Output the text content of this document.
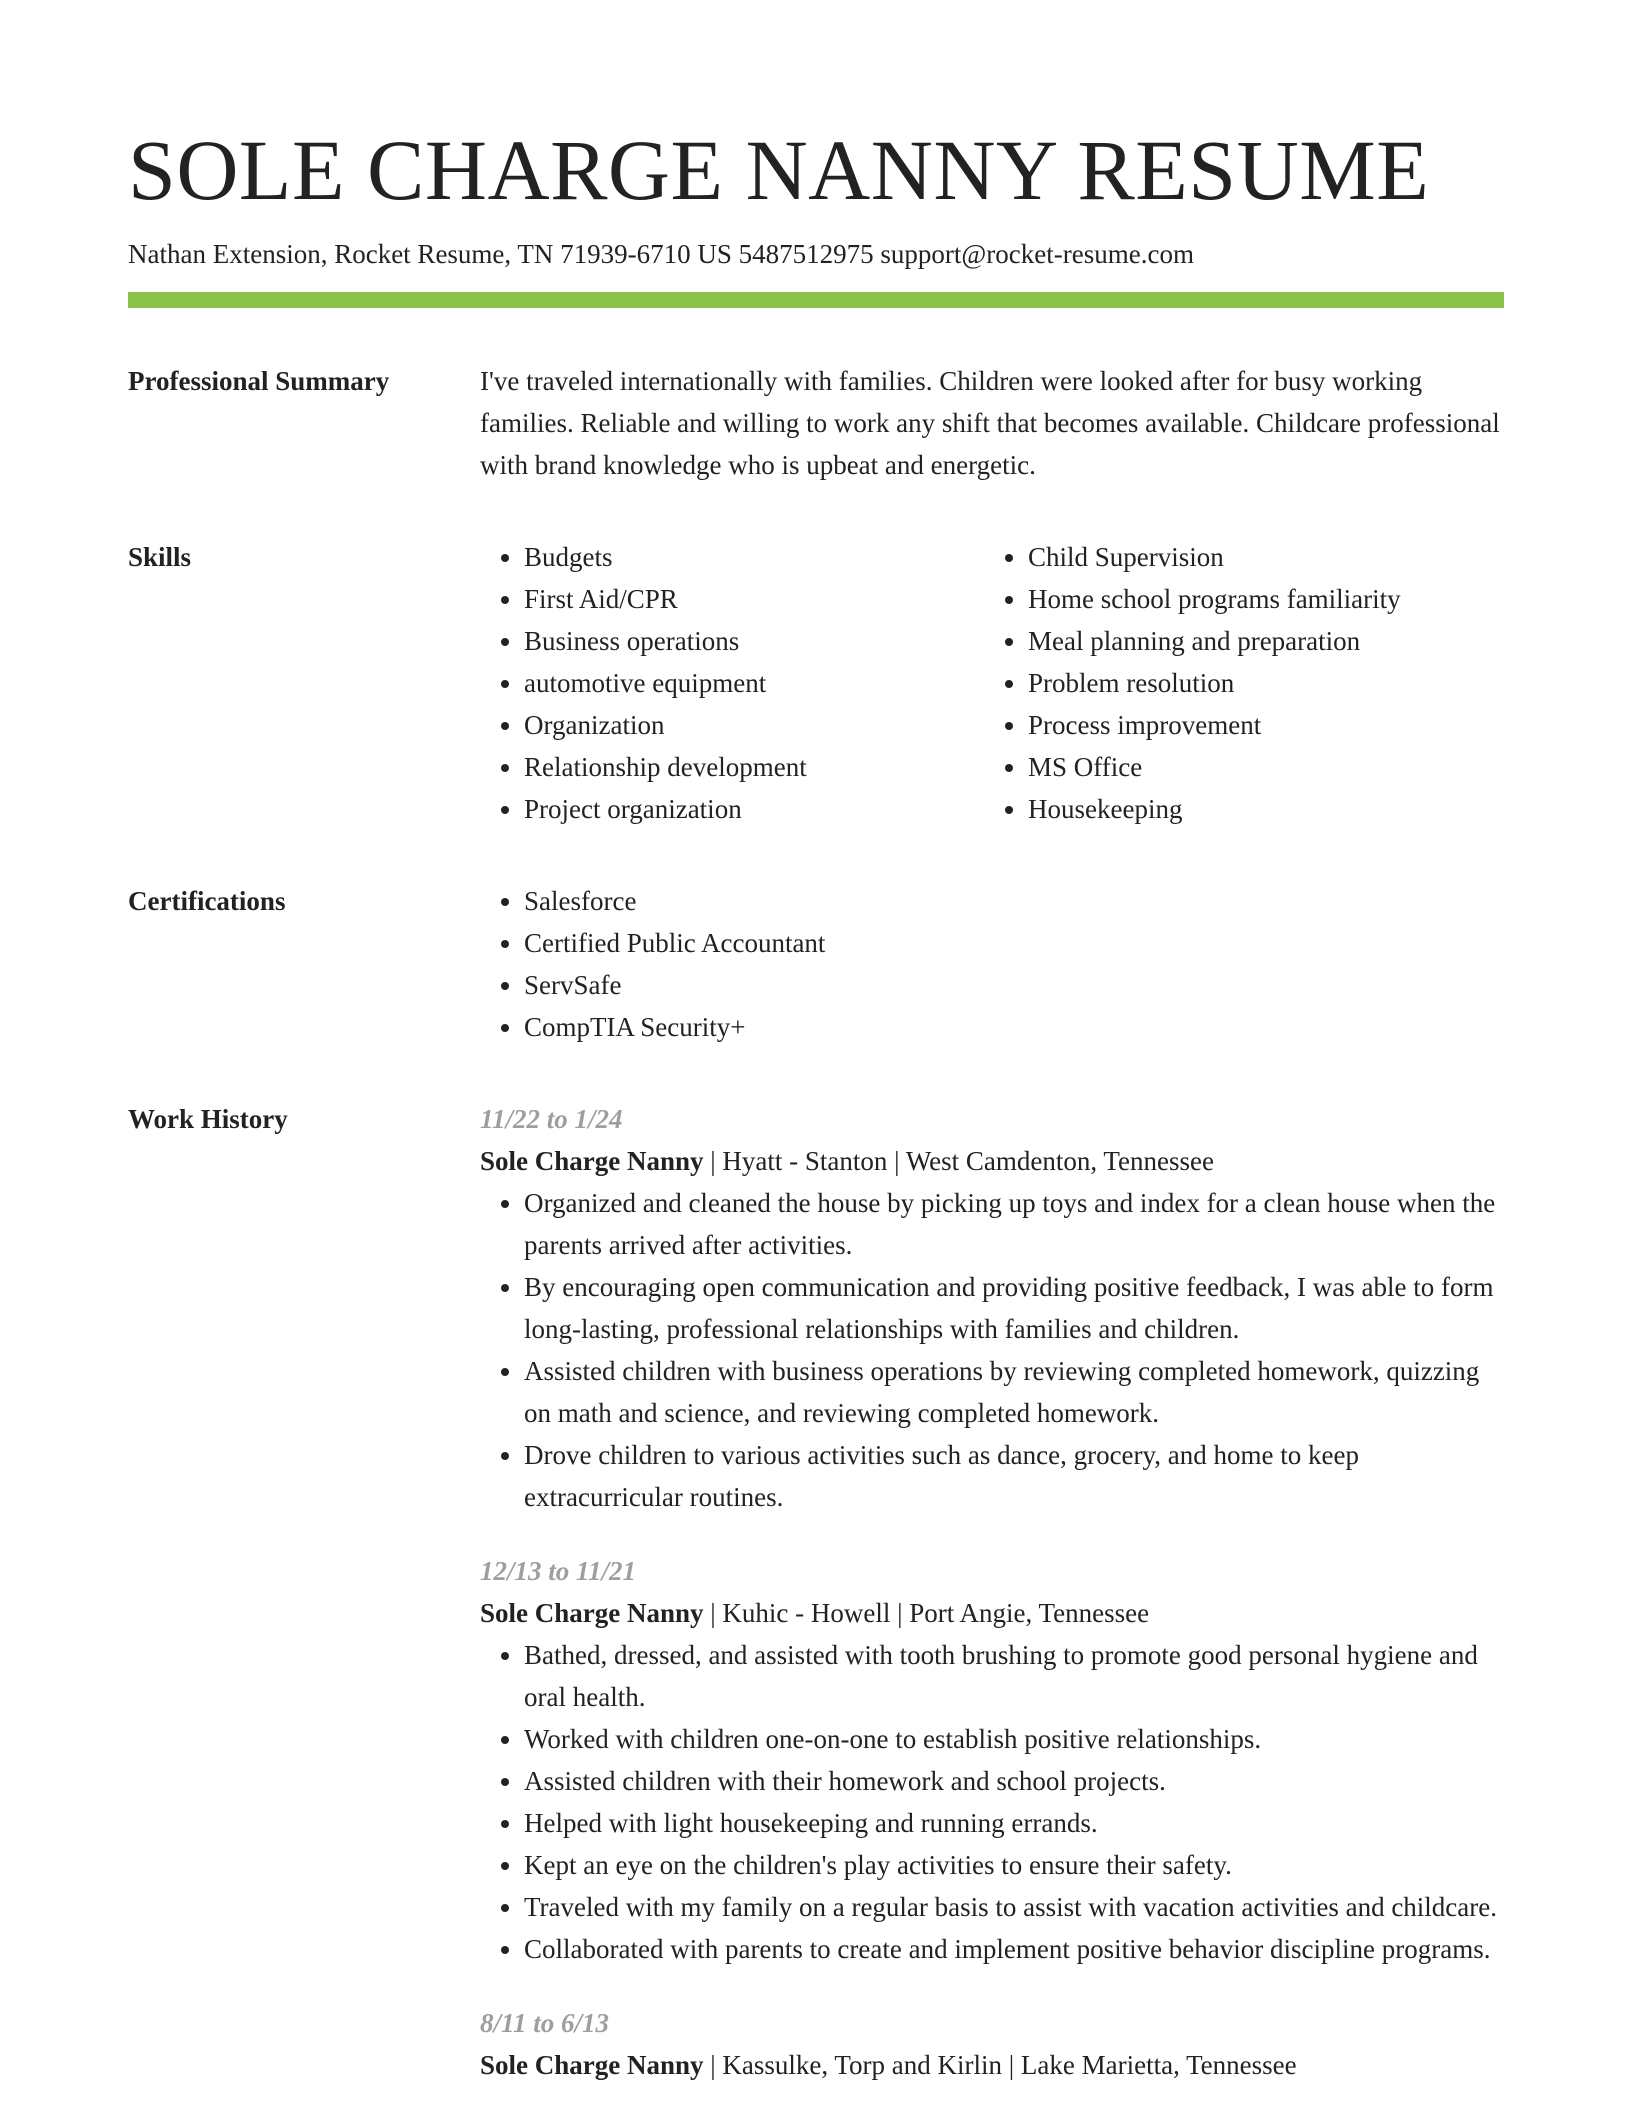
SOLE CHARGE NANNY RESUME
Nathan Extension, Rocket Resume, TN 71939-6710 US 5487512975 support@rocket-resume.com
Professional Summary	I've traveled internationally with families. Children were looked after for busy working families. Reliable and willing to work any shift that becomes available. Childcare professional with brand knowledge who is upbeat and energetic.

Skills	• Budgets
• First Aid/CPR
• Business operations
• automotive equipment
• Organization
• Relationship development
• Project organization
• Child Supervision
• Home school programs familiarity
• Meal planning and preparation
• Problem resolution
• Process improvement
• MS Office
• Housekeeping
Certifications	• Salesforce
• Certified Public Accountant
• ServSafe
• CompTIA Security+
Work History	11/22 to 1/24
Sole Charge Nanny | Hyatt - Stanton | West Camdenton, Tennessee
• Organized and cleaned the house by picking up toys and index for a clean house when the parents arrived after activities.
• By encouraging open communication and providing positive feedback, I was able to form long-lasting, professional relationships with families and children.
• Assisted children with business operations by reviewing completed homework, quizzing on math and science, and reviewing completed homework.
• Drove children to various activities such as dance, grocery, and home to keep extracurricular routines.
12/13 to 11/21
Sole Charge Nanny | Kuhic - Howell | Port Angie, Tennessee
• Bathed, dressed, and assisted with tooth brushing to promote good personal hygiene and oral health.
• Worked with children one-on-one to establish positive relationships.
• Assisted children with their homework and school projects.
• Helped with light housekeeping and running errands.
• Kept an eye on the children's play activities to ensure their safety.
• Traveled with my family on a regular basis to assist with vacation activities and childcare.
• Collaborated with parents to create and implement positive behavior discipline programs.
8/11 to 6/13
Sole Charge Nanny | Kassulke, Torp and Kirlin | Lake Marietta, Tennessee
